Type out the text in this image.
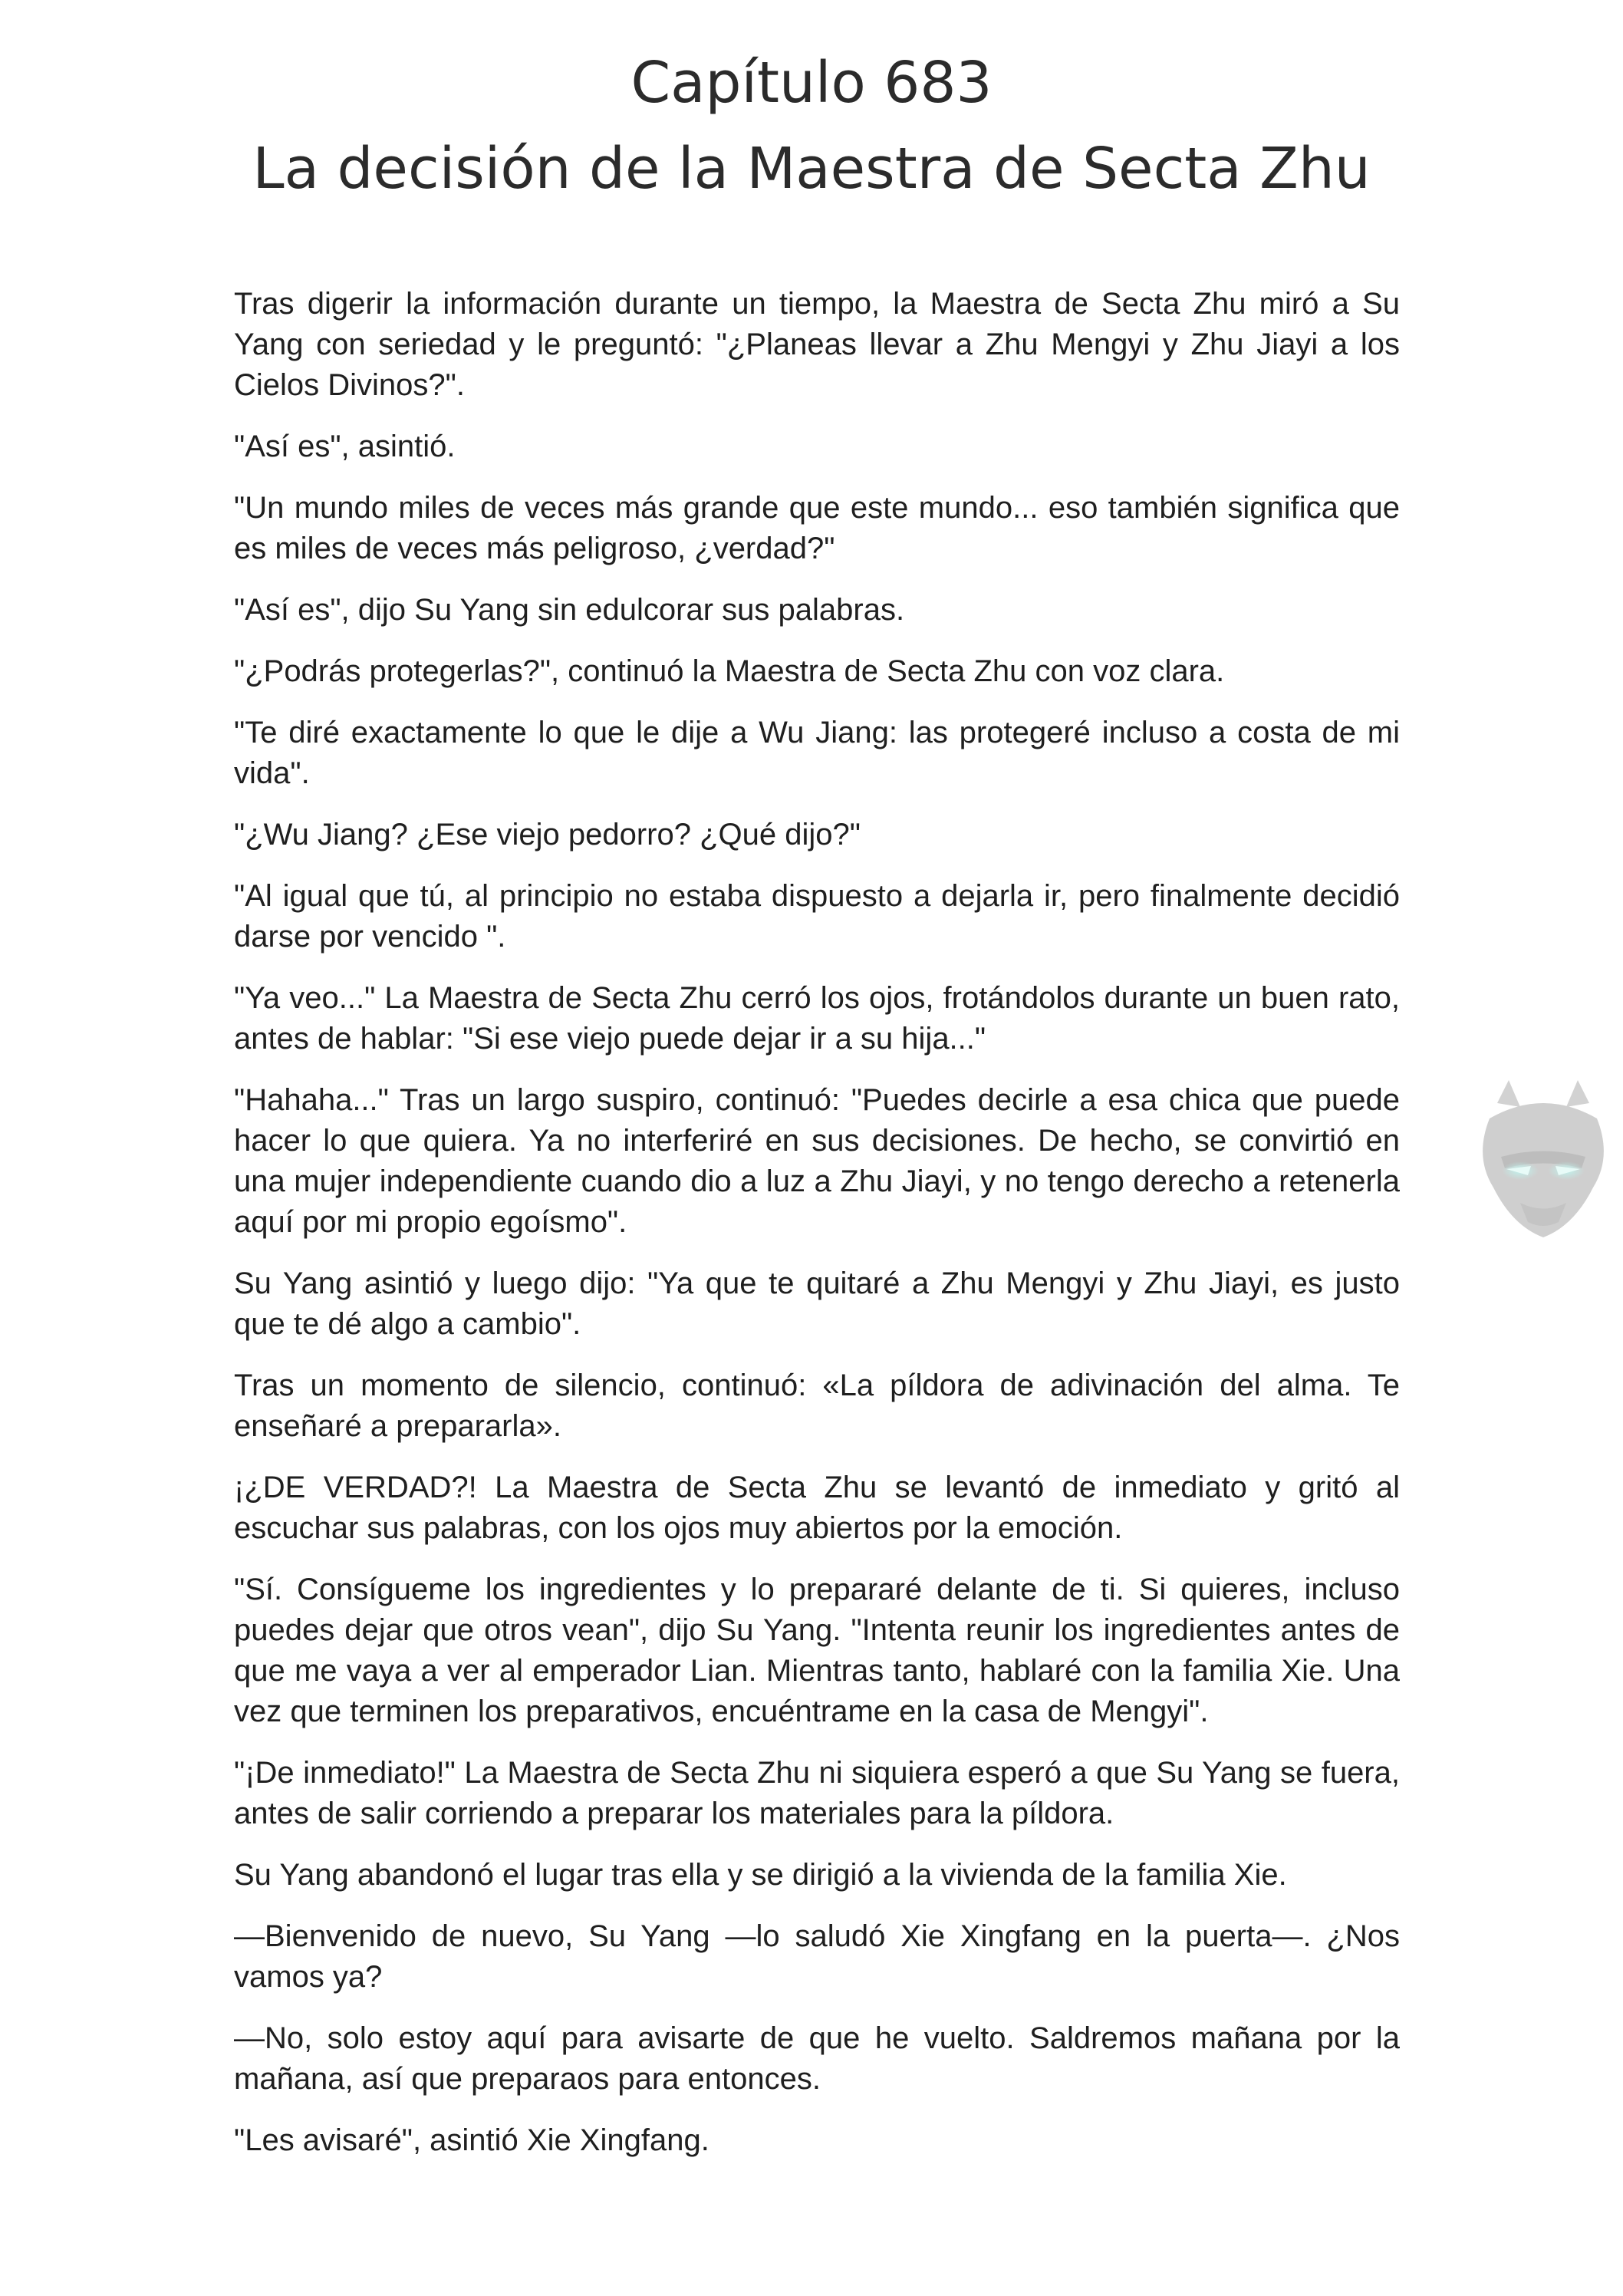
Capítulo 683
La decisión de la Maestra de Secta Zhu

Tras digerir la información durante un tiempo, la Maestra de Secta Zhu miró a Su Yang con seriedad y le preguntó: "¿Planeas llevar a Zhu Mengyi y Zhu Jiayi a los Cielos Divinos?".

"Así es", asintió.

"Un mundo miles de veces más grande que este mundo... eso también significa que es miles de veces más peligroso, ¿verdad?"

"Así es", dijo Su Yang sin edulcorar sus palabras.

"¿Podrás protegerlas?", continuó la Maestra de Secta Zhu con voz clara.

"Te diré exactamente lo que le dije a Wu Jiang: las protegeré incluso a costa de mi vida".

"¿Wu Jiang? ¿Ese viejo pedorro? ¿Qué dijo?"

"Al igual que tú, al principio no estaba dispuesto a dejarla ir, pero finalmente decidió darse por vencido ".

"Ya veo..." La Maestra de Secta Zhu cerró los ojos, frotándolos durante un buen rato, antes de hablar: "Si ese viejo puede dejar ir a su hija..."

"Hahaha..." Tras un largo suspiro, continuó: "Puedes decirle a esa chica que puede hacer lo que quiera. Ya no interferiré en sus decisiones. De hecho, se convirtió en una mujer independiente cuando dio a luz a Zhu Jiayi, y no tengo derecho a retenerla aquí por mi propio egoísmo".

Su Yang asintió y luego dijo: "Ya que te quitaré a Zhu Mengyi y Zhu Jiayi, es justo que te dé algo a cambio".

Tras un momento de silencio, continuó: «La píldora de adivinación del alma. Te enseñaré a prepararla».

¡¿DE VERDAD?! La Maestra de Secta Zhu se levantó de inmediato y gritó al escuchar sus palabras, con los ojos muy abiertos por la emoción.

"Sí. Consígueme los ingredientes y lo prepararé delante de ti. Si quieres, incluso puedes dejar que otros vean", dijo Su Yang. "Intenta reunir los ingredientes antes de que me vaya a ver al emperador Lian. Mientras tanto, hablaré con la familia Xie. Una vez que terminen los preparativos, encuéntrame en la casa de Mengyi".

"¡De inmediato!" La Maestra de Secta Zhu ni siquiera esperó a que Su Yang se fuera, antes de salir corriendo a preparar los materiales para la píldora.

Su Yang abandonó el lugar tras ella y se dirigió a la vivienda de la familia Xie.

—Bienvenido de nuevo, Su Yang —lo saludó Xie Xingfang en la puerta—. ¿Nos vamos ya?

—No, solo estoy aquí para avisarte de que he vuelto. Saldremos mañana por la mañana, así que preparaos para entonces.

"Les avisaré", asintió Xie Xingfang.
